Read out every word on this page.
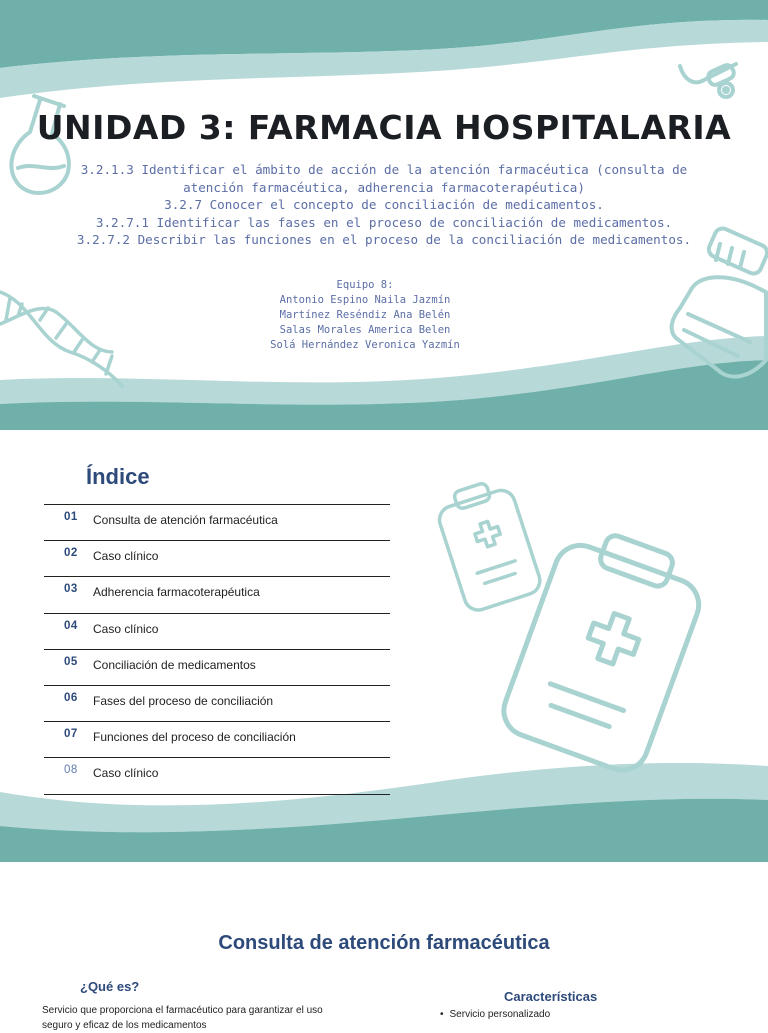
UNIDAD 3: FARMACIA HOSPITALARIA
3.2.1.3 Identificar el ámbito de acción de la atención farmacéutica (consulta de
atención farmacéutica, adherencia farmacoterapéutica)
3.2.7 Conocer el concepto de conciliación de medicamentos.
3.2.7.1 Identificar las fases en el proceso de conciliación de medicamentos.
3.2.7.2 Describir las funciones en el proceso de la conciliación de medicamentos.
Equipo 8:
Antonio Espino Naila Jazmín
Martínez Reséndiz Ana Belén
Salas Morales America Belen
Solá Hernández Veronica Yazmín
Índice
01 Consulta de atención farmacéutica
02 Caso clínico
03 Adherencia farmacoterapéutica
04 Caso clínico
05 Conciliación de medicamentos
06 Fases del proceso de conciliación
07 Funciones del proceso de conciliación
08 Caso clínico
Consulta de atención farmacéutica
¿Qué es?

Servicio que proporciona el farmacéutico para garantizar el uso seguro y eficaz de los medicamentos

Características
• Servicio personalizado
